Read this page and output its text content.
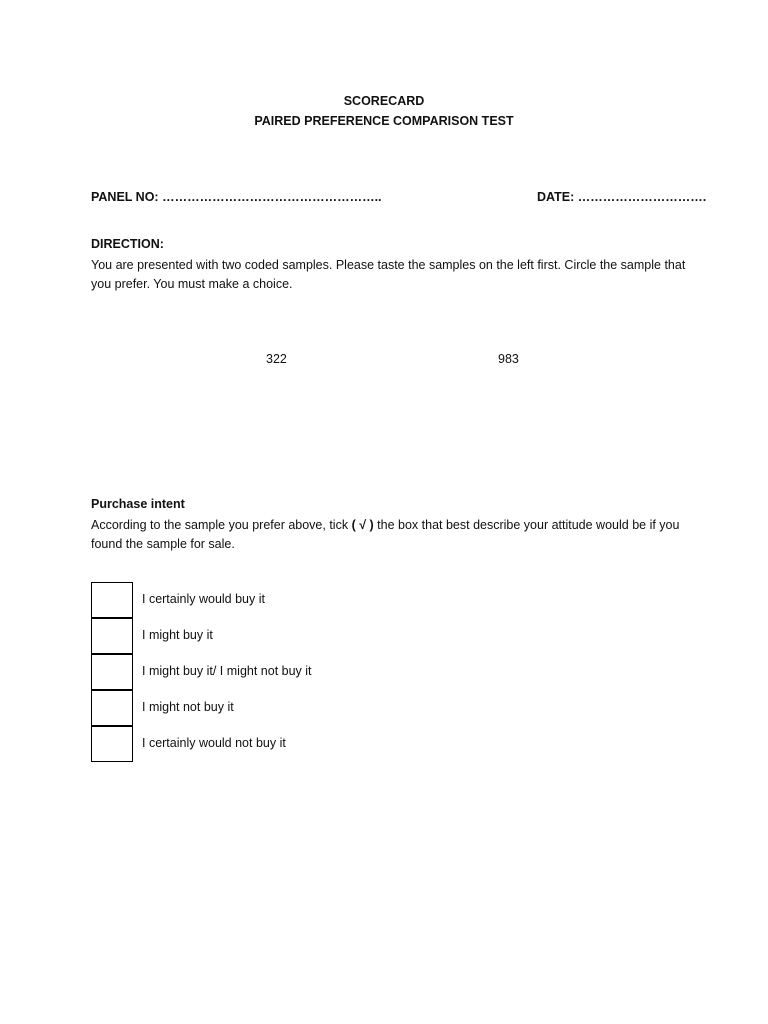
SCORECARD
PAIRED PREFERENCE COMPARISON TEST
PANEL NO: ……………………………………………..	DATE: ………………………….
DIRECTION:
You are presented with two coded samples. Please taste the samples on the left first. Circle the sample that you prefer. You must make a choice.
322	983
Purchase intent
According to the sample you prefer above, tick ( √ ) the box that best describe your attitude would be if you found the sample for sale.
I certainly would buy it
I might buy it
I might buy it/ I might not buy it
I might not buy it
I certainly would not buy it
